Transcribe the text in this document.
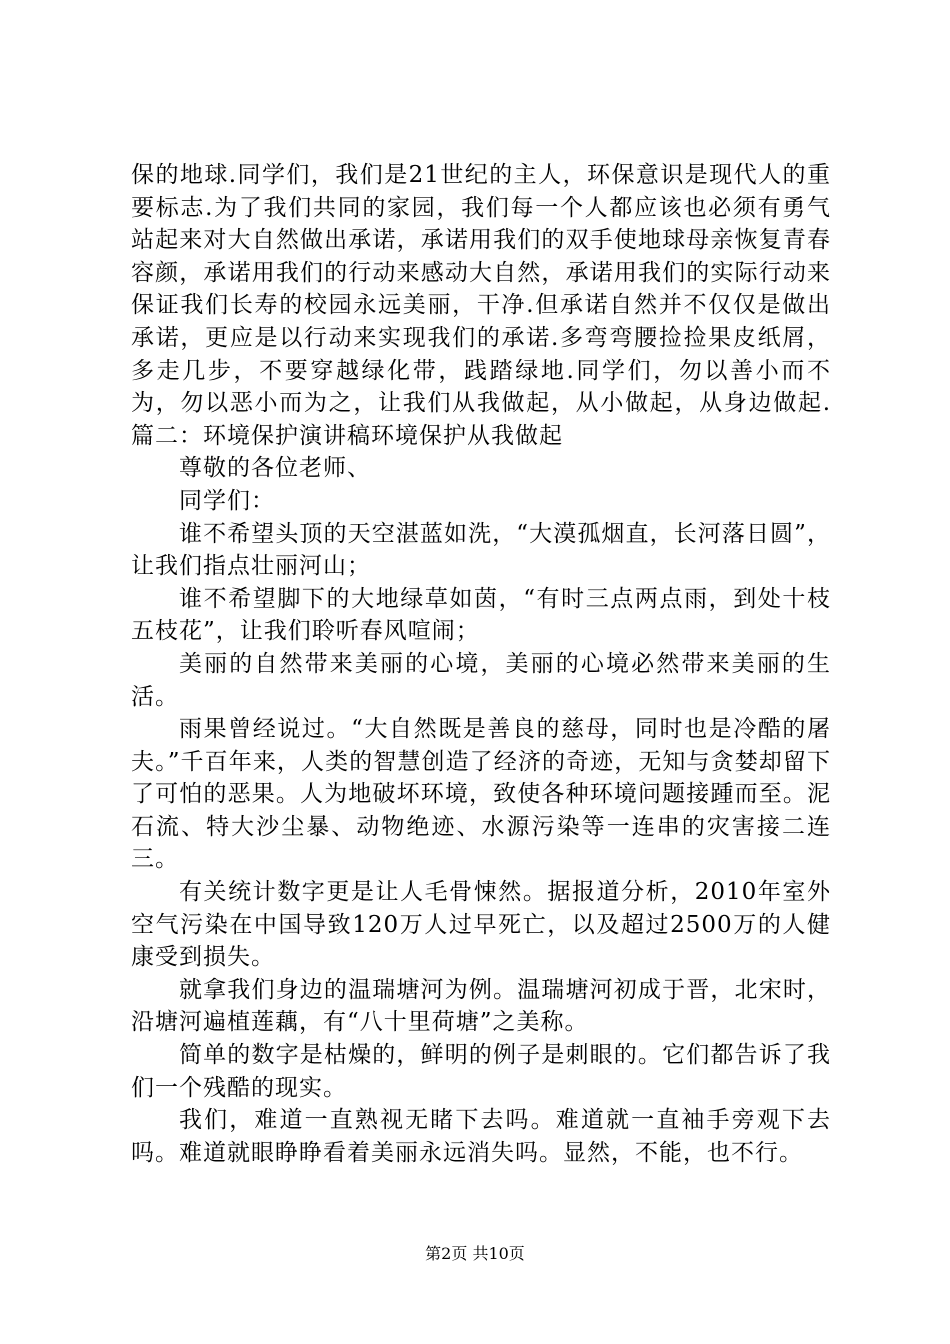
保的地球.同学们，我们是21世纪的主人，环保意识是现代人的重要标志.为了我们共同的家园，我们每一个人都应该也必须有勇气站起来对大自然做出承诺，承诺用我们的双手使地球母亲恢复青春容颜，承诺用我们的行动来感动大自然，承诺用我们的实际行动来保证我们长寿的校园永远美丽，干净.但承诺自然并不仅仅是做出承诺，更应是以行动来实现我们的承诺.多弯弯腰捡捡果皮纸屑，多走几步，不要穿越绿化带，践踏绿地.同学们，勿以善小而不为，勿以恶小而为之，让我们从我做起，从小做起，从身边做起.篇二：环境保护演讲稿环境保护从我做起

尊敬的各位老师、

同学们：

谁不希望头顶的天空湛蓝如洗，“大漠孤烟直，长河落日圆”，让我们指点壮丽河山；

谁不希望脚下的大地绿草如茵，“有时三点两点雨，到处十枝五枝花”，让我们聆听春风喧闹；

美丽的自然带来美丽的心境，美丽的心境必然带来美丽的生活。

雨果曾经说过。“大自然既是善良的慈母，同时也是冷酷的屠夫。”千百年来，人类的智慧创造了经济的奇迹，无知与贪婪却留下了可怕的恶果。人为地破坏环境，致使各种环境问题接踵而至。泥石流、特大沙尘暴、动物绝迹、水源污染等一连串的灾害接二连三。

有关统计数字更是让人毛骨悚然。据报道分析，2010年室外空气污染在中国导致120万人过早死亡，以及超过2500万的人健康受到损失。

就拿我们身边的温瑞塘河为例。温瑞塘河初成于晋，北宋时，沿塘河遍植莲藕，有“八十里荷塘”之美称。

简单的数字是枯燥的，鲜明的例子是刺眼的。它们都告诉了我们一个残酷的现实。

我们，难道一直熟视无睹下去吗。难道就一直袖手旁观下去吗。难道就眼睁睁看着美丽永远消失吗。显然，不能，也不行。

第2页 共10页
